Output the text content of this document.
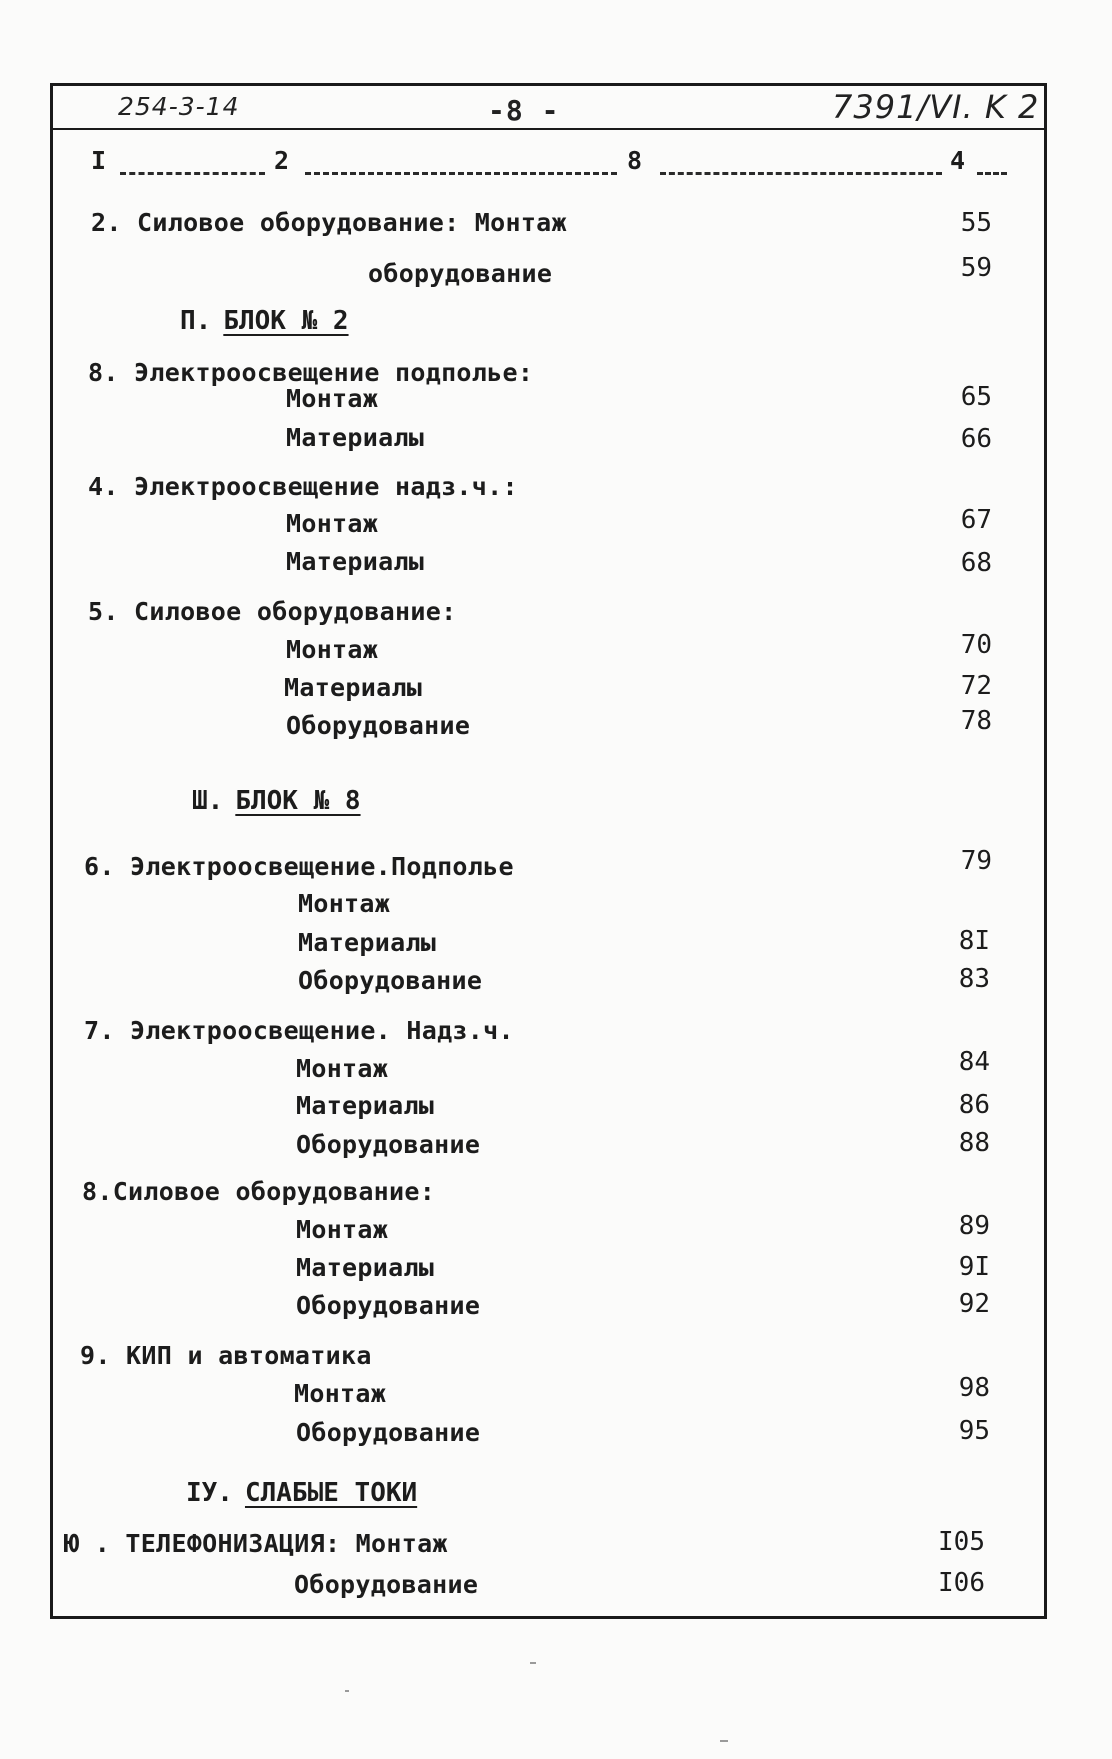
254-3-14	-8 -	7391/VI. K 2
I	2	8	4
2. Силовое оборудование: Монтаж	55
оборудование	59
П. БЛОК № 2
8. Электроосвещение подполье:
Монтаж	65
Материалы	66
4. Электроосвещение надз.ч.:
Монтаж	67
Материалы	68
5. Силовое оборудование:
Монтаж	70
Материалы	72
Оборудование	78
Ш. БЛОК № 8
6. Электроосвещение.Подполье	79
Монтаж
Материалы	8I
Оборудование	83
7. Электроосвещение. Надз.ч.
Монтаж	84
Материалы	86
Оборудование	88
8.Силовое оборудование:
Монтаж	89
Материалы	9I
Оборудование	92
9. КИП и автоматика
Монтаж	98
Оборудование	95
IУ. СЛАБЫЕ ТОКИ
Ю . ТЕЛЕФОНИЗАЦИЯ: Монтаж	I05
Оборудование	I06
